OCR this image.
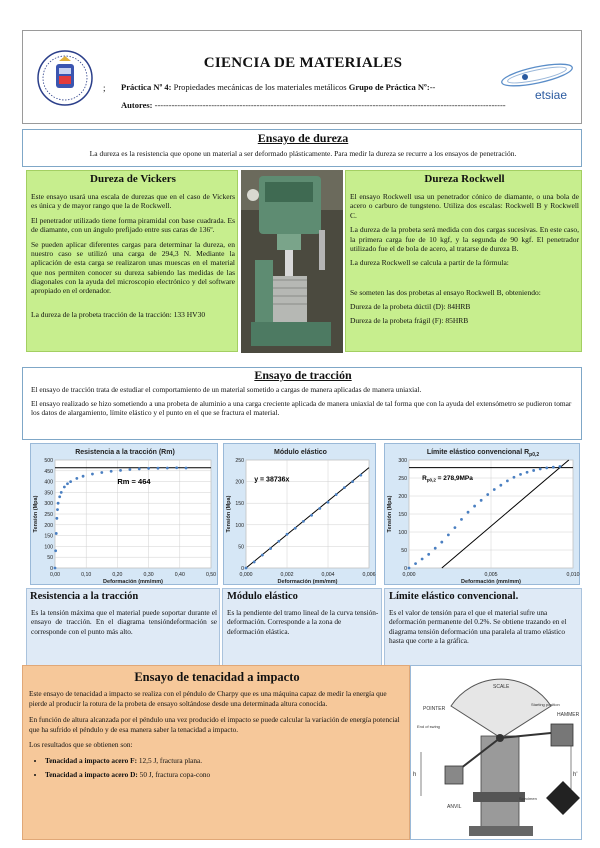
;
CIENCIA DE MATERIALES
Práctica Nº 4: Propiedades mecánicas de los materiales metálicos Grupo de Práctica Nº:--
Autores: ----------------------------------------------------------------------------------------------------------------------------
etsiae
Ensayo de dureza
La dureza es la resistencia que opone un material a ser deformado plásticamente. Para medir la dureza se recurre a los ensayos de penetración.
Dureza de Vickers

Este ensayo usará una escala de durezas que en el caso de Vickers es única y de mayor rango que la de Rockwell.

El penetrador utilizado tiene forma piramidal con base cuadrada. Es de diamante, con un ángulo prefijado entre sus caras de 136º.

Se pueden aplicar diferentes cargas para determinar la dureza, en nuestro caso se utilizó una carga de 294,3 N. Mediante la aplicación de esta carga se realizaron unas muescas en el material que nos permiten conocer su dureza sabiendo las medidas de las diagonales con la ayuda del microscopio electrónico y del software apropiado en el ordenador.

La dureza de la probeta tracción de la tracción: 133 HV30

Dureza Rockwell

El ensayo Rockwell usa un penetrador cónico de diamante, o una bola de acero o carburo de tungsteno. Utiliza dos escalas: Rockwell B y Rockwell C.

La dureza de la probeta será medida con dos cargas sucesivas. En este caso, la primera carga fue de 10 kgf, y la segunda de 90 kgf. El penetrador utilizado fue el de bola de acero, al tratarse de dureza B.

La dureza Rockwell se calcula a partir de la fórmula:

Se someten las dos probetas al ensayo Rockwell B, obteniendo:

Dureza de la probeta dúctil (D): 84HRB

Dureza de la probeta frágil (F): 85HRB

Ensayo de tracción

El ensayo de tracción trata de estudiar el comportamiento de un material sometido a cargas de manera aplicadas de manera uniaxial.

El ensayo realizado se hizo sometiendo a una probeta de aluminio a una carga creciente aplicada de manera uniaxial de tal forma que con la ayuda del extensómetro se pudieron tomar los datos de alargamiento, límite elástico y el punto en el que se fractura el material.

Resistencia a la tracción (Rm)
0
50
100
150
200
250
300
350
400
450
500
0,00	0,10	0,20	0,30	0,40	0,50
Deformación (mm/mm)
Tensión (Mpa)
Rm = 464
Módulo elástico
0
50
100
150
200
250
0,000	0,002	0,004	0,006
Deformación (mm/mm)
Tensión (Mpa)
y = 38736x
Límite elástico convencional $R_{p0,2}$
0
50
100
150
200
250
300
0,000	0,005	0,010
Deformación (mm/mm)
Tensión (Mpa)
$R_{p0,2} = 278,9MPa$
Resistencia a la tracción
Es la tensión máxima que el material puede soportar durante el ensayo de tracción. En el diagrama tensióndeformación se corresponde con el punto más alto.
Módulo elástico
Es la pendiente del tramo lineal de la curva tensión-deformación. Corresponde a la zona de deformación elástica.
Límite elástico convencional.
Es el valor de tensión para el que el material sufre una deformación permanente del 0.2%. Se obtiene trazando en el diagrama tensión deformación una paralela al tramo elástico hasta que corte a la gráfica.
Ensayo de tenacidad a impacto

Este ensayo de tenacidad a impacto se realiza con el péndulo de Charpy que es una máquina capaz de medir la energía que pierde al producir la rotura de la probeta de ensayo soltándose desde una determinada altura conocida.

En función de altura alcanzada por el péndulo una vez producido el impacto se puede calcular la variación de energía potencial que ha sufrido el péndulo y de esa manera saber la tenacidad a impacto.

Los resultados que se obtienen son:

• Tenacidad a impacto acero F: 12,5 J, fractura plana.
• Tenacidad a impacto acero D: 50 J, fractura copa-cono
SCALE
POINTER
HAMMER
Starting position
End of swing
h	h'
ANVIL
Specimen
